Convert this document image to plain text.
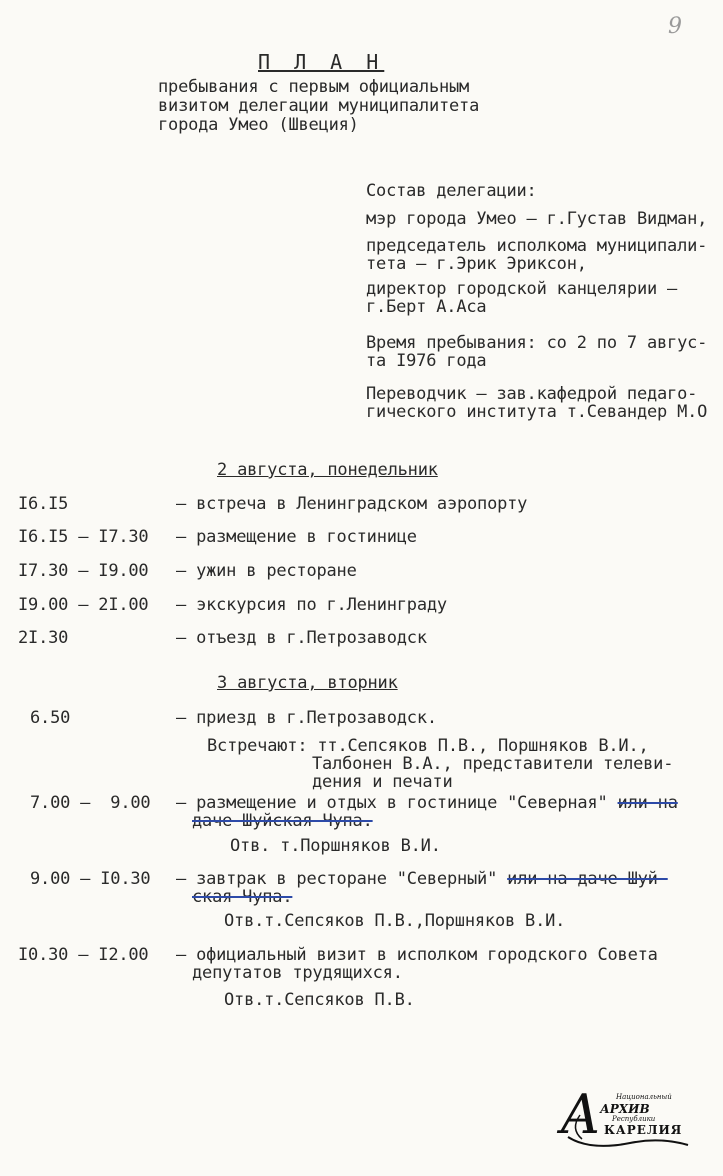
9
П Л А Н
пребывания с первым официальным
визитом делегации муниципалитета
города Умео (Швеция)
Состав делегации:
мэр города Умео – г.Густав Видман,
председатель исполкома муниципали-
тета – г.Эрик Эриксон,
директор городской канцелярии –
г.Берт А.Аса
Время пребывания: со 2 по 7 авгус-
та I976 года
Переводчик – зав.кафедрой педаго-
гического института т.Севандер М.О
2 августа, понедельник
I6.I5	– встреча в Ленинградском аэропорту
I6.I5 – I7.30 – размещение в гостинице
I7.30 – I9.00 – ужин в ресторане
I9.00 – 2I.00 – экскурсия по г.Ленинграду
2I.30	– отъезд в г.Петрозаводск
3 августа, вторник
6.50	– приезд в г.Петрозаводск.
Встречают: тт.Сепсяков П.В., Поршняков В.И.,
Талбонен В.А., представители телеви-
дения и печати
7.00 –  9.00 – размещение и отдых в гостинице "Северная" или на
даче Шуйская Чупа.
Отв. т.Поршняков В.И.
9.00 – I0.30 – завтрак в ресторане "Северный" или на даче Шуй-
ская Чупа.
Отв.т.Сепсяков П.В.,Поршняков В.И.
I0.30 – I2.00 – официальный визит в исполком городского Совета
депутатов трудящихся.
Отв.т.Сепсяков П.В.
А Национальный
АРХИВ
Республики
КАРЕЛИЯ
